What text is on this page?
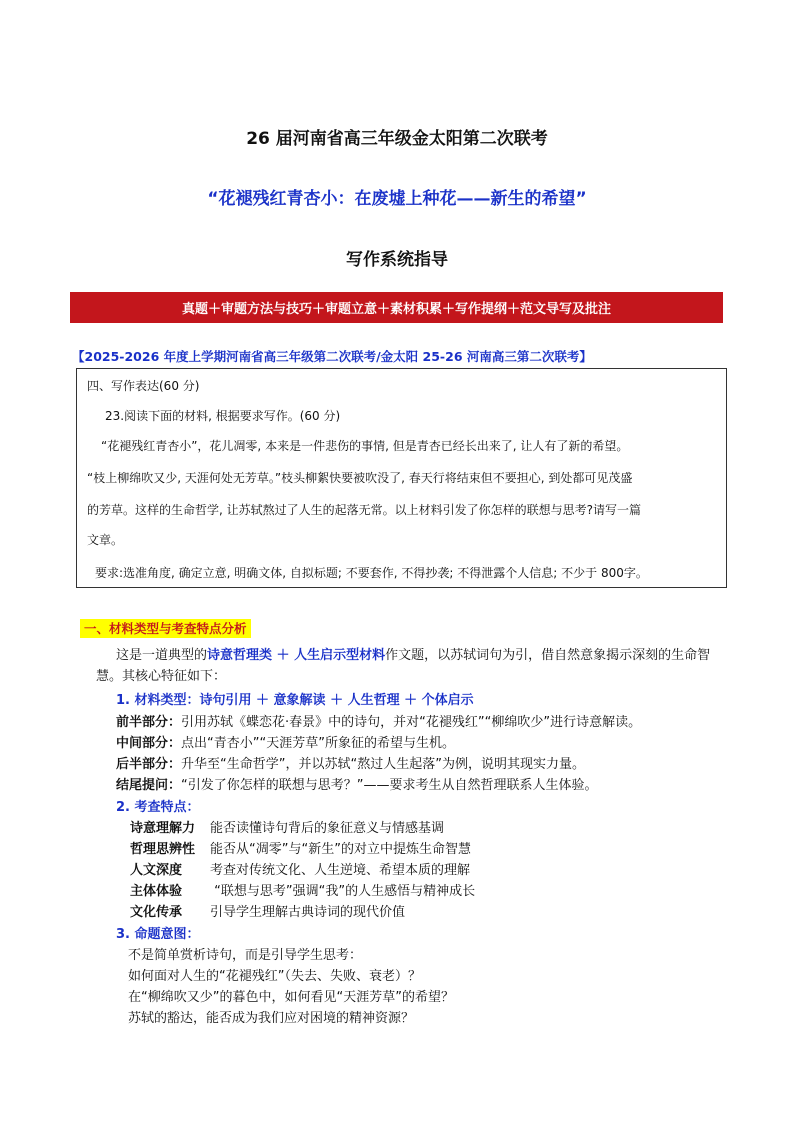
26 届河南省高三年级金太阳第二次联考
“花褪残红青杏小：在废墟上种花——新生的希望”
写作系统指导
真题＋审题方法与技巧＋审题立意＋素材积累＋写作提纲＋范文导写及批注
【2025-2026 年度上学期河南省高三年级第二次联考/金太阳 25-26 河南高三第二次联考】
四、写作表达(60 分)
23.阅读下面的材料, 根据要求写作。(60 分)
“花褪残红青杏小”，花儿凋零, 本来是一件悲伤的事情, 但是青杏已经长出来了, 让人有了新的希望。
“枝上柳绵吹又少, 天涯何处无芳草。”枝头柳絮快要被吹没了, 春天行将结束但不要担心, 到处都可见茂盛
的芳草。这样的生命哲学, 让苏轼熬过了人生的起落无常。以上材料引发了你怎样的联想与思考?请写一篇
文章。
要求:选准角度, 确定立意, 明确文体, 自拟标题; 不要套作, 不得抄袭; 不得泄露个人信息; 不少于 800字。
一、材料类型与考查特点分析
这是一道典型的诗意哲理类 ＋ 人生启示型材料作文题，以苏轼词句为引，借自然意象揭示深刻的生命智慧。其核心特征如下：
1. 材料类型：诗句引用 ＋ 意象解读 ＋ 人生哲理 ＋ 个体启示
前半部分：引用苏轼《蝶恋花·春景》中的诗句，并对“花褪残红”“柳绵吹少”进行诗意解读。
中间部分：点出“青杏小”“天涯芳草”所象征的希望与生机。
后半部分：升华至“生命哲学”，并以苏轼“熬过人生起落”为例，说明其现实力量。
结尾提问：“引发了你怎样的联想与思考？”——要求考生从自然哲理联系人生体验。
2. 考查特点：
诗意理解力 能否读懂诗句背后的象征意义与情感基调
哲理思辨性 能否从“凋零”与“新生”的对立中提炼生命智慧
人文深度 考查对传统文化、人生逆境、希望本质的理解
主体体验 “联想与思考”强调“我”的人生感悟与精神成长
文化传承 引导学生理解古典诗词的现代价值
3. 命题意图：
不是简单赏析诗句，而是引导学生思考：
如何面对人生的“花褪残红”（失去、失败、衰老）？
在“柳绵吹又少”的暮色中，如何看见“天涯芳草”的希望？
苏轼的豁达，能否成为我们应对困境的精神资源？
